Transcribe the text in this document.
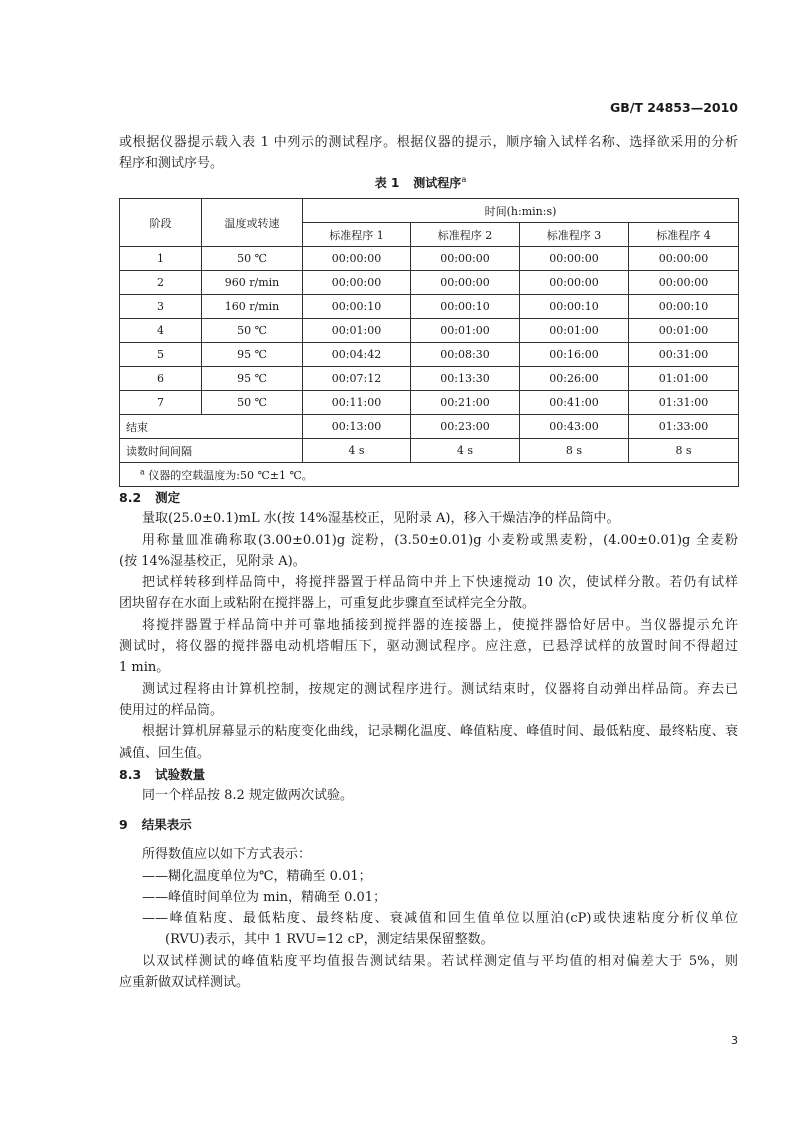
GB/T 24853—2010
或根据仪器提示载入表 1 中列示的测试程序。根据仪器的提示，顺序输入试样名称、选择欲采用的分析
程序和测试序号。
表 1 测试程序$^a$
阶段	温度或转速	时间(h:min:s)			
		标准程序 1	标准程序 2	标准程序 3	标准程序 4
1	50 ℃	00:00:00	00:00:00	00:00:00	00:00:00
2	960 r/min	00:00:00	00:00:00	00:00:00	00:00:00
3	160 r/min	00:00:10	00:00:10	00:00:10	00:00:10
4	50 ℃	00:01:00	00:01:00	00:01:00	00:01:00
5	95 ℃	00:04:42	00:08:30	00:16:00	00:31:00
6	95 ℃	00:07:12	00:13:30	00:26:00	01:01:00
7	50 ℃	00:11:00	00:21:00	00:41:00	01:31:00
结束		00:13:00	00:23:00	00:43:00	01:33:00
读数时间间隔		4 s	4 s	8 s	8 s
$^a$ 仪器的空载温度为:50 ℃±1 ℃。					
8.2 测定
量取(25.0±0.1)mL 水(按 14%湿基校正，见附录 A)，移入干燥洁净的样品筒中。
用称量皿准确称取(3.00±0.01)g 淀粉，(3.50±0.01)g 小麦粉或黑麦粉，(4.00±0.01)g 全麦粉
(按 14%湿基校正，见附录 A)。
把试样转移到样品筒中，将搅拌器置于样品筒中并上下快速搅动 10 次，使试样分散。若仍有试样
团块留存在水面上或粘附在搅拌器上，可重复此步骤直至试样完全分散。
将搅拌器置于样品筒中并可靠地插接到搅拌器的连接器上，使搅拌器恰好居中。当仪器提示允许
测试时，将仪器的搅拌器电动机塔帽压下，驱动测试程序。应注意，已悬浮试样的放置时间不得超过
1 min。
测试过程将由计算机控制，按规定的测试程序进行。测试结束时，仪器将自动弹出样品筒。弃去已
使用过的样品筒。
根据计算机屏幕显示的粘度变化曲线，记录糊化温度、峰值粘度、峰值时间、最低粘度、最终粘度、衰
减值、回生值。
8.3 试验数量
同一个样品按 8.2 规定做两次试验。
9 结果表示
所得数值应以如下方式表示：
——糊化温度单位为℃，精确至 0.01；
——峰值时间单位为 min，精确至 0.01；
——峰值粘度、最低粘度、最终粘度、衰减值和回生值单位以厘泊(cP)或快速粘度分析仪单位
(RVU)表示，其中 1 RVU=12 cP，测定结果保留整数。
以双试样测试的峰值粘度平均值报告测试结果。若试样测定值与平均值的相对偏差大于 5%，则
应重新做双试样测试。
3
